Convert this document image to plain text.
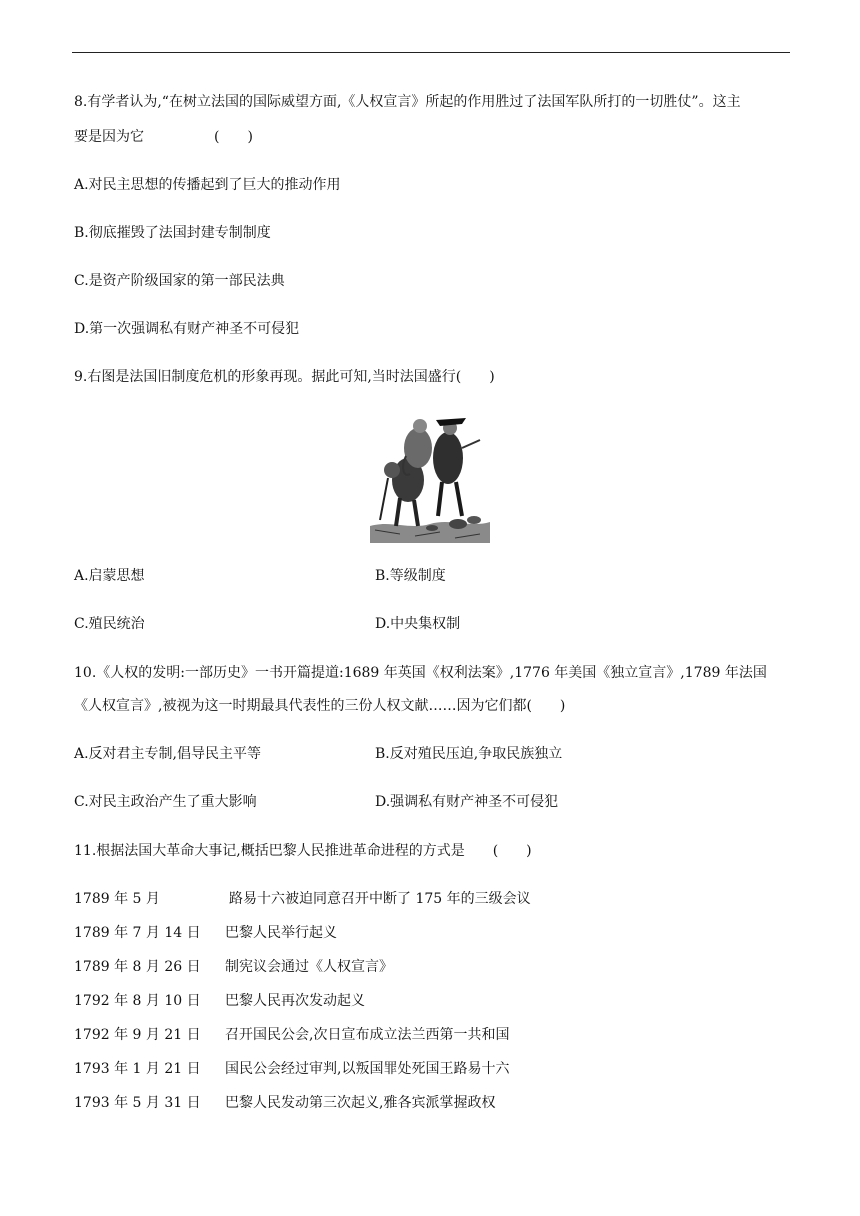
8.有学者认为,“在树立法国的国际威望方面,《人权宣言》所起的作用胜过了法国军队所打的一切胜仗”。这主
要是因为它　　　　　(　　)
A.对民主思想的传播起到了巨大的推动作用
B.彻底摧毁了法国封建专制制度
C.是资产阶级国家的第一部民法典
D.第一次强调私有财产神圣不可侵犯
9.右图是法国旧制度危机的形象再现。据此可知,当时法国盛行(　　)
A.启蒙思想	B.等级制度
C.殖民统治	D.中央集权制
10.《人权的发明:一部历史》一书开篇提道:1689 年英国《权利法案》,1776 年美国《独立宣言》,1789 年法国
《人权宣言》,被视为这一时期最具代表性的三份人权文献……因为它们都(　　)
A.反对君主专制,倡导民主平等	B.反对殖民压迫,争取民族独立
C.对民主政治产生了重大影响	D.强调私有财产神圣不可侵犯
11.根据法国大革命大事记,概括巴黎人民推进革命进程的方式是　　(　　)
1789 年 5 月	路易十六被迫同意召开中断了 175 年的三级会议
1789 年 7 月 14 日 巴黎人民举行起义
1789 年 8 月 26 日 制宪议会通过《人权宣言》
1792 年 8 月 10 日 巴黎人民再次发动起义
1792 年 9 月 21 日 召开国民公会,次日宣布成立法兰西第一共和国
1793 年 1 月 21 日 国民公会经过审判,以叛国罪处死国王路易十六
1793 年 5 月 31 日 巴黎人民发动第三次起义,雅各宾派掌握政权
